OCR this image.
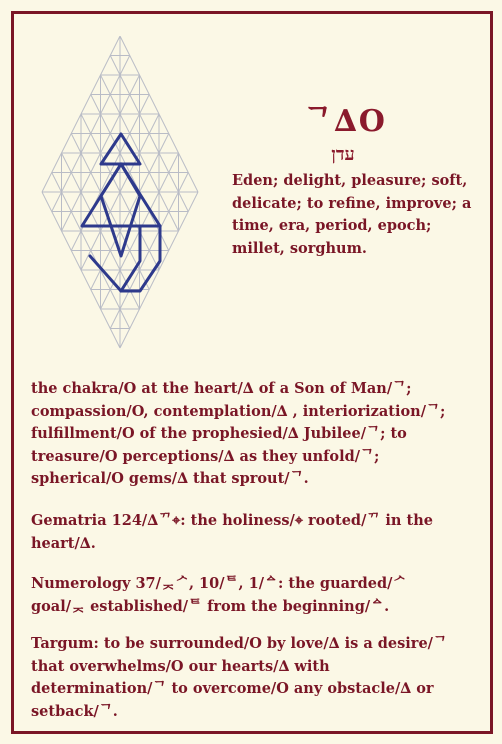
ᄀ∆O
עדן
Eden; delight, pleasure; soft, delicate; to refine, improve; a time, era, period, epoch; millet, sorghum.

the chakra/O at the heart/∆ of a Son of Man/ᄀ; compassion/O, contemplation/∆ , interiorization/ᄀ; fulfillment/O of the prophesied/∆ Jubilee/ᄀ; to treasure/O perceptions/∆ as they unfold/ᄀ; spherical/O gems/∆ that sprout/ᄀ.

Gematria 124/∆ᄁ⌖: the holiness/⌖ rooted/ᄁ in the heart/∆.

Numerology 37/ᆽᄼ, 10/ᄐ, 1/ᅀ: the guarded/ᄼ goal/ᆽ established/ᄐ from the beginning/ᅀ.

Targum: to be surrounded/O by love/∆ is a desire/ᄀ that overwhelms/O our hearts/∆ with determination/ᄀ to overcome/O any obstacle/∆ or setback/ᄀ.
